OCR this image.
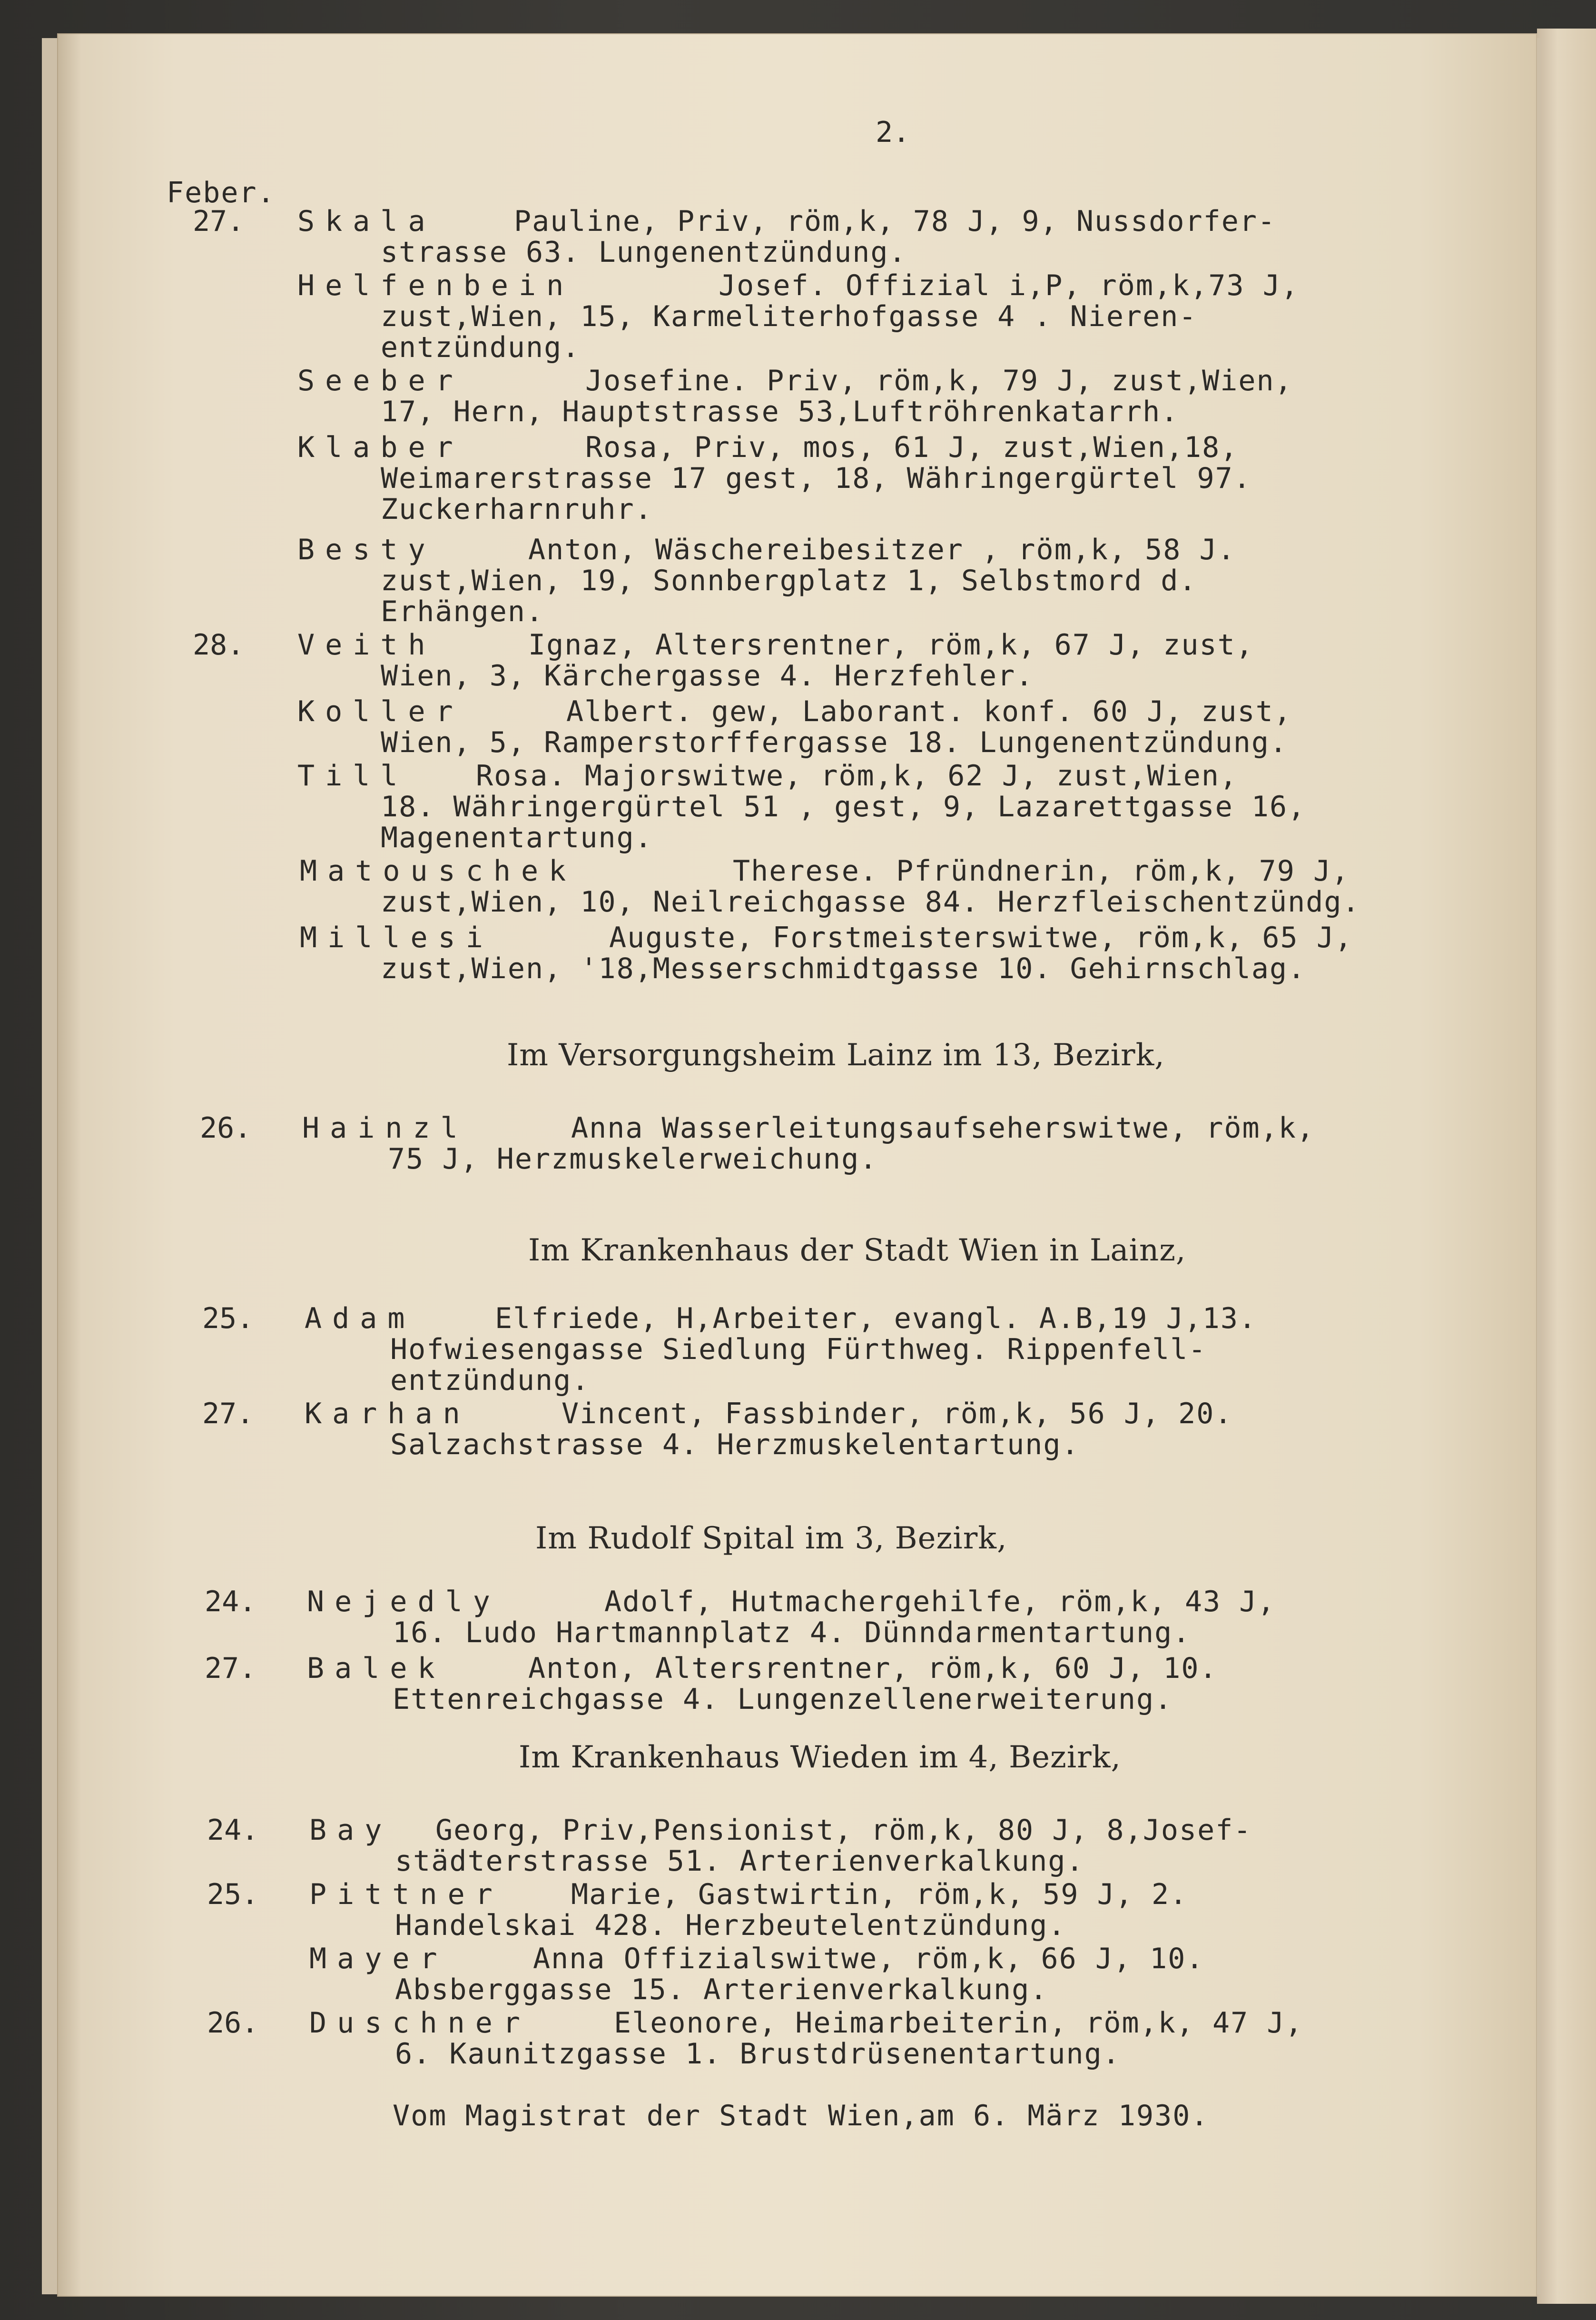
2.
Feber.
27. Skala	Pauline, Priv, röm,k, 78 J, 9, Nussdorfer-
strasse 63. Lungenentzündung.
Helfenbein	Josef. Offizial i,P, röm,k,73 J,
zust,Wien, 15, Karmeliterhofgasse 4 . Nieren-
entzündung.
Seeber	Josefine. Priv, röm,k, 79 J, zust,Wien,
17, Hern, Hauptstrasse 53,Luftröhrenkatarrh.
Klaber	Rosa, Priv, mos, 61 J, zust,Wien,18,
Weimarerstrasse 17 gest, 18, Währingergürtel 97.
Zuckerharnruhr.
Besty	Anton, Wäschereibesitzer , röm,k, 58 J.
zust,Wien, 19, Sonnbergplatz 1, Selbstmord d.
Erhängen.
28. Veith	Ignaz, Altersrentner, röm,k, 67 J, zust,
Wien, 3, Kärchergasse 4. Herzfehler.
Koller	Albert. gew, Laborant. konf. 60 J, zust,
Wien, 5, Ramperstorffergasse 18. Lungenentzündung.
Till Rosa. Majorswitwe, röm,k, 62 J, zust,Wien,
18. Währingergürtel 51 , gest, 9, Lazarettgasse 16,
Magenentartung.
Matouschek	Therese. Pfründnerin, röm,k, 79 J,
zust,Wien, 10, Neilreichgasse 84. Herzfleischentzündg.
Millesi	Auguste, Forstmeisterswitwe, röm,k, 65 J,
zust,Wien, '18,Messerschmidtgasse 10. Gehirnschlag.
Im Versorgungsheim Lainz im 13, Bezirk,
26. Hainzl	Anna Wasserleitungsaufseherswitwe, röm,k,
75 J, Herzmuskelerweichung.
Im Krankenhaus der Stadt Wien in Lainz,
25. Adam	Elfriede, H,Arbeiter, evangl. A.B,19 J,13.
Hofwiesengasse Siedlung Fürthweg. Rippenfell-
entzündung.
27. Karhan	Vincent, Fassbinder, röm,k, 56 J, 20.
Salzachstrasse 4. Herzmuskelentartung.
Im Rudolf Spital im 3, Bezirk,
24. Nejedly	Adolf, Hutmachergehilfe, röm,k, 43 J,
16. Ludo Hartmannplatz 4. Dünndarmentartung.
27. Balek	Anton, Altersrentner, röm,k, 60 J, 10.
Ettenreichgasse 4. Lungenzellenerweiterung.
Im Krankenhaus Wieden im 4, Bezirk,
24. Bay Georg, Priv,Pensionist, röm,k, 80 J, 8,Josef-
städterstrasse 51. Arterienverkalkung.
25. Pittner Marie, Gastwirtin, röm,k, 59 J, 2.
Handelskai 428. Herzbeutelentzündung.
Mayer	Anna Offizialswitwe, röm,k, 66 J, 10.
Absberggasse 15. Arterienverkalkung.
26. Duschner	Eleonore, Heimarbeiterin, röm,k, 47 J,
6. Kaunitzgasse 1. Brustdrüsenentartung.
Vom Magistrat der Stadt Wien,am 6. März 1930.
